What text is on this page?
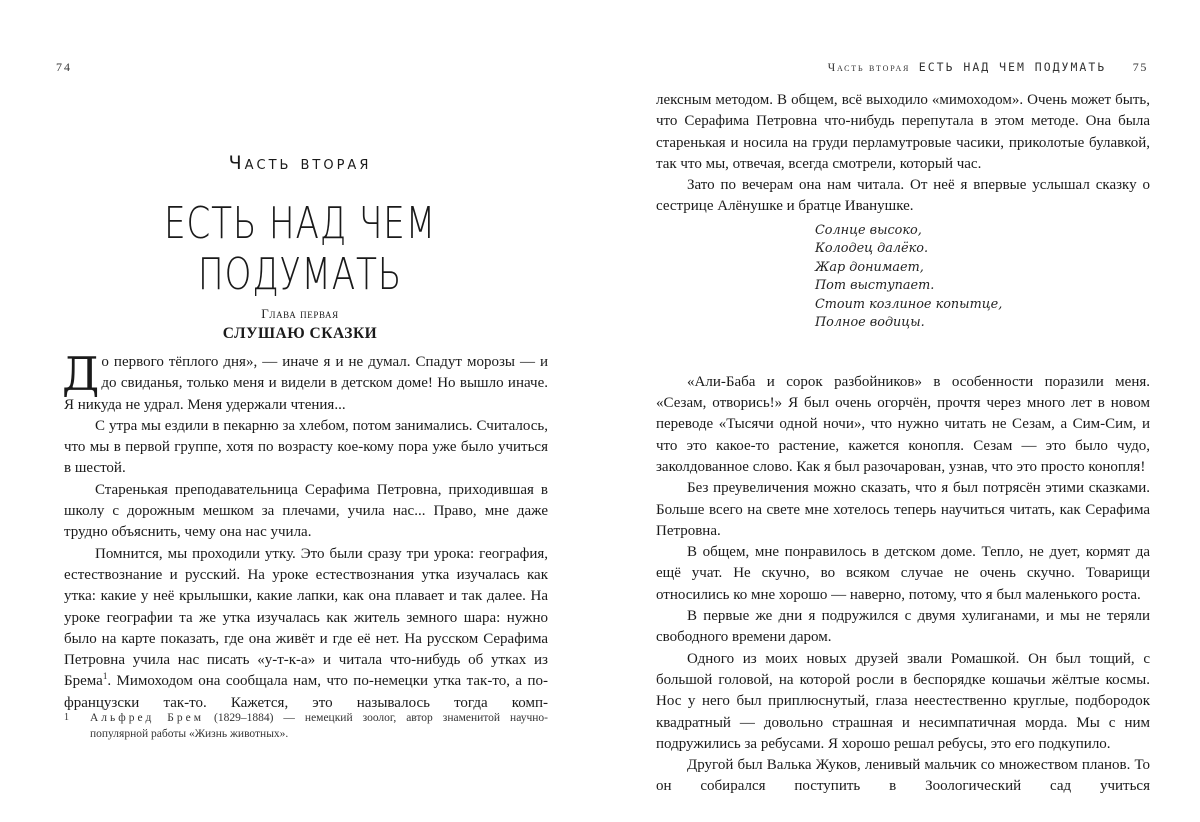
74
Часть вторая
ЕСТЬ НАД ЧЕМ ПОДУМАТЬ
Глава первая
СЛУШАЮ СКАЗКИ

До первого тёплого дня», — иначе я и не думал. Спадут морозы — и до свиданья, только меня и видели в детском доме! Но вышло иначе. Я никуда не удрал. Меня удержали чтения...

С утра мы ездили в пекарню за хлебом, потом занимались. Считалось, что мы в первой группе, хотя по возрасту кое-кому пора уже было учиться в шестой.

Старенькая преподавательница Серафима Петровна, приходившая в школу с дорожным мешком за плечами, учила нас... Право, мне даже трудно объяснить, чему она нас учила.

Помнится, мы проходили утку. Это были сразу три урока: география, естествознание и русский. На уроке естествознания утка изучалась как утка: какие у неё крылышки, какие лапки, как она плавает и так далее. На уроке географии та же утка изучалась как житель земного шара: нужно было на карте показать, где она живёт и где её нет. На русском Серафима Петровна учила нас писать «у-т-к-а» и читала что-нибудь об утках из Брема$^1$. Мимоходом она сообщала нам, что по-немецки утка так-то, а по-французски так-то. Кажется, это называлось тогда комп-

1 Альфред Брем (1829–1884) — немецкий зоолог, автор знаменитой научно-популярной работы «Жизнь животных».
Часть вторая ЕСТЬ НАД ЧЕМ ПОДУМАТЬ 75

лексным методом. В общем, всё выходило «мимоходом». Очень может быть, что Серафима Петровна что-нибудь перепутала в этом методе. Она была старенькая и носила на груди перламутровые часики, приколотые булавкой, так что мы, отвечая, всегда смотрели, который час.

Зато по вечерам она нам читала. От неё я впервые услышал сказку о сестрице Алёнушке и братце Иванушке.

«Али-Баба и сорок разбойников» в особенности поразили меня. «Сезам, отворись!» Я был очень огорчён, прочтя через много лет в новом переводе «Тысячи одной ночи», что нужно читать не Сезам, а Сим-Сим, и что это какое-то растение, кажется конопля. Сезам — это было чудо, заколдованное слово. Как я был разочарован, узнав, что это просто конопля!

Без преувеличения можно сказать, что я был потрясён этими сказками. Больше всего на свете мне хотелось теперь научиться читать, как Серафима Петровна.

В общем, мне понравилось в детском доме. Тепло, не дует, кормят да ещё учат. Не скучно, во всяком случае не очень скучно. Товарищи относились ко мне хорошо — наверно, потому, что я был маленького роста.

В первые же дни я подружился с двумя хулиганами, и мы не теряли свободного времени даром.

Одного из моих новых друзей звали Ромашкой. Он был тощий, с большой головой, на которой росли в беспорядке кошачьи жёлтые космы. Нос у него был приплюснутый, глаза неестественно круглые, подбородок квадратный — довольно страшная и несимпатичная морда. Мы с ним подружились за ребусами. Я хорошо решал ребусы, это его подкупило.

Другой был Валька Жуков, ленивый мальчик со множеством планов. То он собирался поступить в Зоологический сад учиться

Солнце высоко,
Колодец далёко.
Жар донимает,
Пот выступает.
Стоит козлиное копытце,
Полное водицы.
